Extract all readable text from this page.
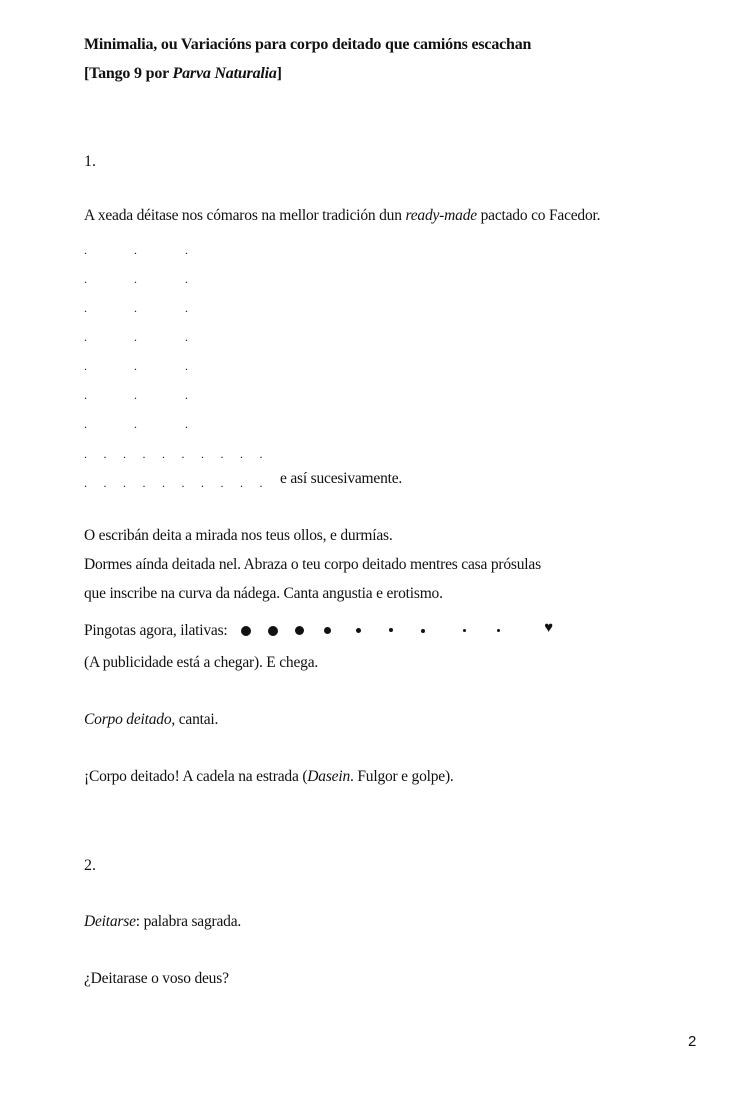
Minimalia, ou Variacións para corpo deitado que camións escachan
[Tango 9 por Parva Naturalia]
1.
A xeada déitase nos cómaros na mellor tradición dun ready-made pactado co Facedor.
.	.	.
.	.	.
.	.	.
.	.	.
.	.	.
.	.	.
.	.	.
. . . . . . . . . .
. . . . . . . . . . e así sucesivamente.
O escribán deita a mirada nos teus ollos, e durmías.
Dormes aínda deitada nel. Abraza o teu corpo deitado mentres casa prósulas
que inscribe na curva da nádega. Canta angustia e erotismo.
Pingotas agora, ilativas:	♥
(A publicidade está a chegar). E chega.
Corpo deitado, cantai.
¡Corpo deitado! A cadela na estrada (Dasein. Fulgor e golpe).
2.
Deitarse: palabra sagrada.
¿Deitarase o voso deus?
2
